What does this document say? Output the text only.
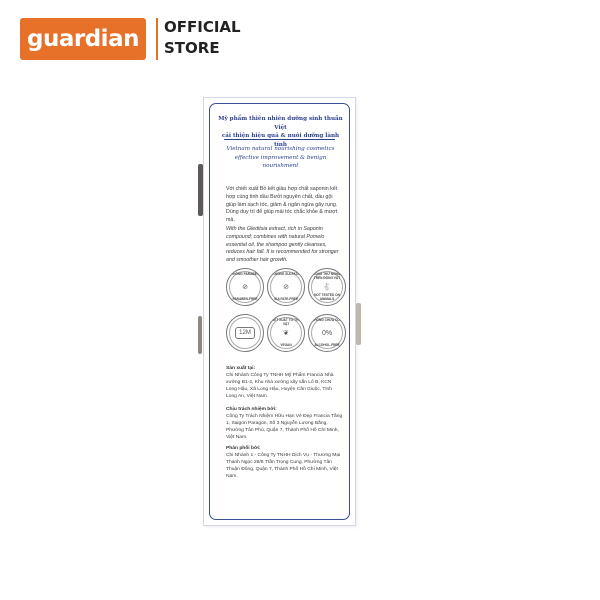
guardian	OFFICIAL
STORE
Mỹ phẩm thiên nhiên dưỡng sinh thuần Việt
cải thiện hiệu quả & nuôi dưỡng lành tính
Vietnam natural nourishing cosmetics
effective improvement & benign nourishment
Với chiết xuất Bồ kết giàu hợp chất saponin kết hợp cùng tinh dầu Bưởi nguyên chất, dầu gội giúp làm sạch tóc, giảm & ngăn ngừa gãy rụng. Dùng duy trì để giúp mái tóc chắc khỏe & mượt mà.
With the Gleditsia extract, rich in Saponin compound; combines with natural Pomelo essential oil, the shampoo gently cleanses, reduces hair fall. It is recommended for stronger and smoother hair growth.
KHÔNG PARABEN
⊘
PARABEN-FREE
KHÔNG SULFATE
⊘
SULFATE-FREE
KHÔNG THỬ NGHIỆM TRÊN ĐỘNG VẬT
🐇
NOT TESTED ON ANIMALS
12M
CHIẾT XUẤT TỪ THỰC VẬT
❦
VEGAN
KHÔNG CHỨA CỒN
0%
ALCOHOL-FREE
Sản xuất tại:
Chi Nhánh Công Ty TNHH Mỹ Phẩm Francia Nhà xưởng B1-2, Khu nhà xưởng xây sẵn Lô B, KCN Long Hậu, Xã Long Hậu, Huyện Cần Giuộc, Tỉnh Long An, Việt Nam.
Chịu trách nhiệm bởi:
Công Ty Trách Nhiệm Hữu Hạn Vẻ Đẹp Francia Tầng 1, Saigon Paragon, Số 3 Nguyễn Lương Bằng, Phường Tân Phú, Quận 7, Thành Phố Hồ Chí Minh, Việt Nam.
Phân phối bởi:
Chi Nhánh 1 - Công Ty TNHH Dịch Vụ - Thương Mại Thanh Ngọc 28/8 Trần Trọng Cung, Phường Tân Thuận Đông, Quận 7, Thành Phố Hồ Chí Minh, Việt Nam.
